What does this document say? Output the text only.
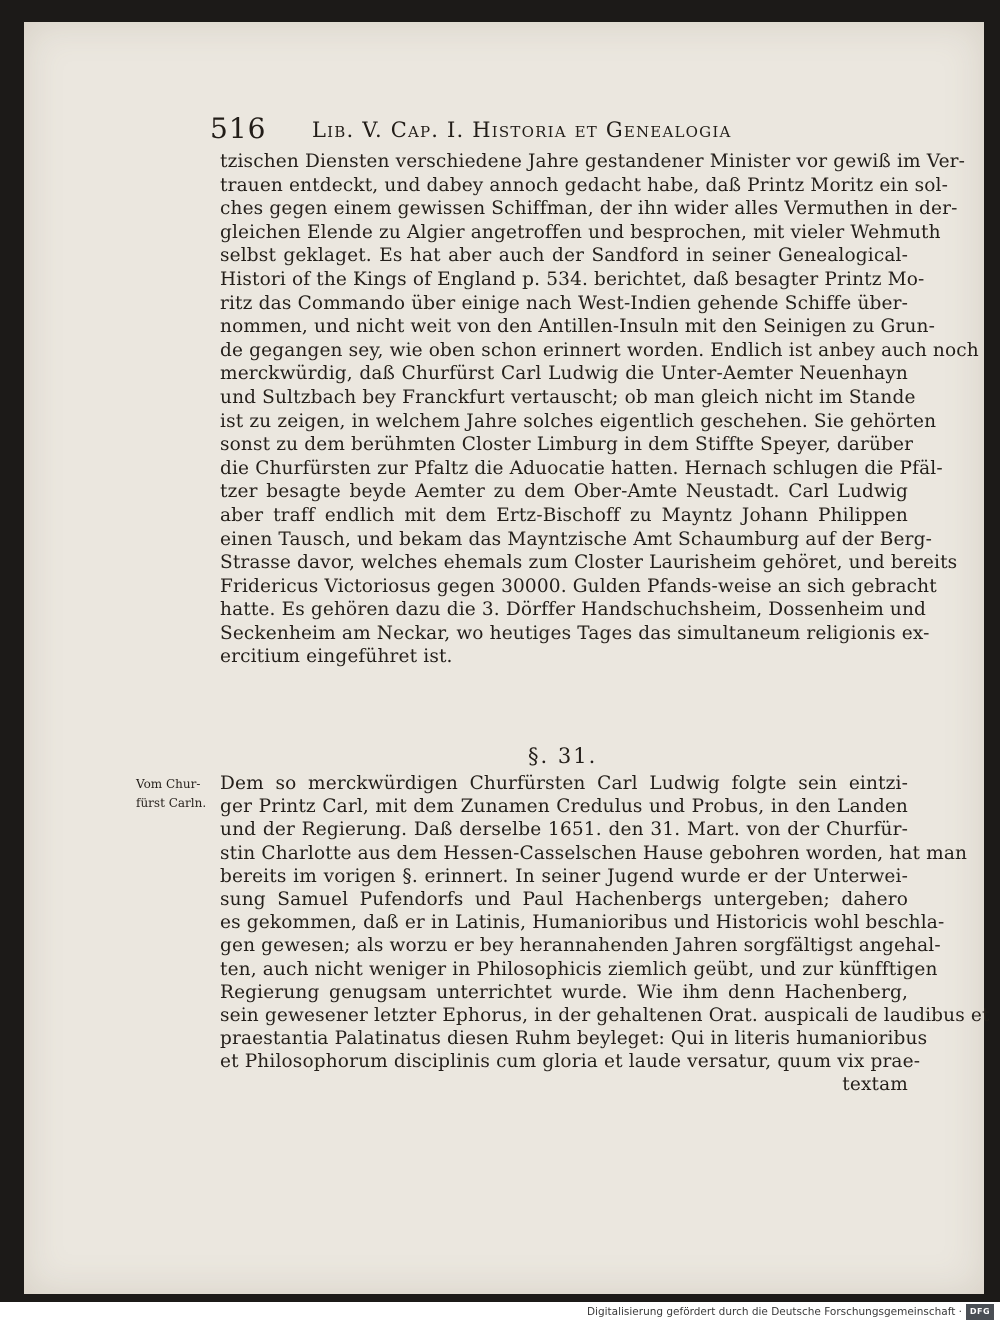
516 Lib. V. Cap. I. Historia et Genealogia
tzischen Diensten verschiedene Jahre gestandener Minister vor gewiß im Ver-
trauen entdeckt, und dabey annoch gedacht habe, daß Printz Moritz ein sol-
ches gegen einem gewissen Schiffman, der ihn wider alles Vermuthen in der-
gleichen Elende zu Algier angetroffen und besprochen, mit vieler Wehmuth
selbst geklaget. Es hat aber auch der Sandford in seiner Genealogical-
Histori of the Kings of England p. 534. berichtet, daß besagter Printz Mo-
ritz das Commando über einige nach West-Indien gehende Schiffe über-
nommen, und nicht weit von den Antillen-Insuln mit den Seinigen zu Grun-
de gegangen sey, wie oben schon erinnert worden. Endlich ist anbey auch noch
merckwürdig, daß Churfürst Carl Ludwig die Unter-Aemter Neuenhayn
und Sultzbach bey Franckfurt vertauscht; ob man gleich nicht im Stande
ist zu zeigen, in welchem Jahre solches eigentlich geschehen. Sie gehörten
sonst zu dem berühmten Closter Limburg in dem Stiffte Speyer, darüber
die Churfürsten zur Pfaltz die Aduocatie hatten. Hernach schlugen die Pfäl-
tzer besagte beyde Aemter zu dem Ober-Amte Neustadt. Carl Ludwig
aber traff endlich mit dem Ertz-Bischoff zu Mayntz Johann Philippen
einen Tausch, und bekam das Mayntzische Amt Schaumburg auf der Berg-
Strasse davor, welches ehemals zum Closter Laurisheim gehöret, und bereits
Fridericus Victoriosus gegen 30000. Gulden Pfands-weise an sich gebracht
hatte. Es gehören dazu die 3. Dörffer Handschuchsheim, Dossenheim und
Seckenheim am Neckar, wo heutiges Tages das simultaneum religionis ex-
ercitium eingeführet ist.
§. 31.
Vom Chur-
fürst Carln.
Dem so merckwürdigen Churfürsten Carl Ludwig folgte sein eintzi-
ger Printz Carl, mit dem Zunamen Credulus und Probus, in den Landen
und der Regierung. Daß derselbe 1651. den 31. Mart. von der Churfür-
stin Charlotte aus dem Hessen-Casselschen Hause gebohren worden, hat man
bereits im vorigen §. erinnert. In seiner Jugend wurde er der Unterwei-
sung Samuel Pufendorfs und Paul Hachenbergs untergeben; dahero
es gekommen, daß er in Latinis, Humanioribus und Historicis wohl beschla-
gen gewesen; als worzu er bey herannahenden Jahren sorgfältigst angehal-
ten, auch nicht weniger in Philosophicis ziemlich geübt, und zur künfftigen
Regierung genugsam unterrichtet wurde. Wie ihm denn Hachenberg,
sein gewesener letzter Ephorus, in der gehaltenen Orat. auspicali de laudibus et
praestantia Palatinatus diesen Ruhm beyleget: Qui in literis humanioribus
et Philosophorum disciplinis cum gloria et laude versatur, quum vix prae-
textam
Digitalisierung gefördert durch die Deutsche Forschungsgemeinschaft · DFG
